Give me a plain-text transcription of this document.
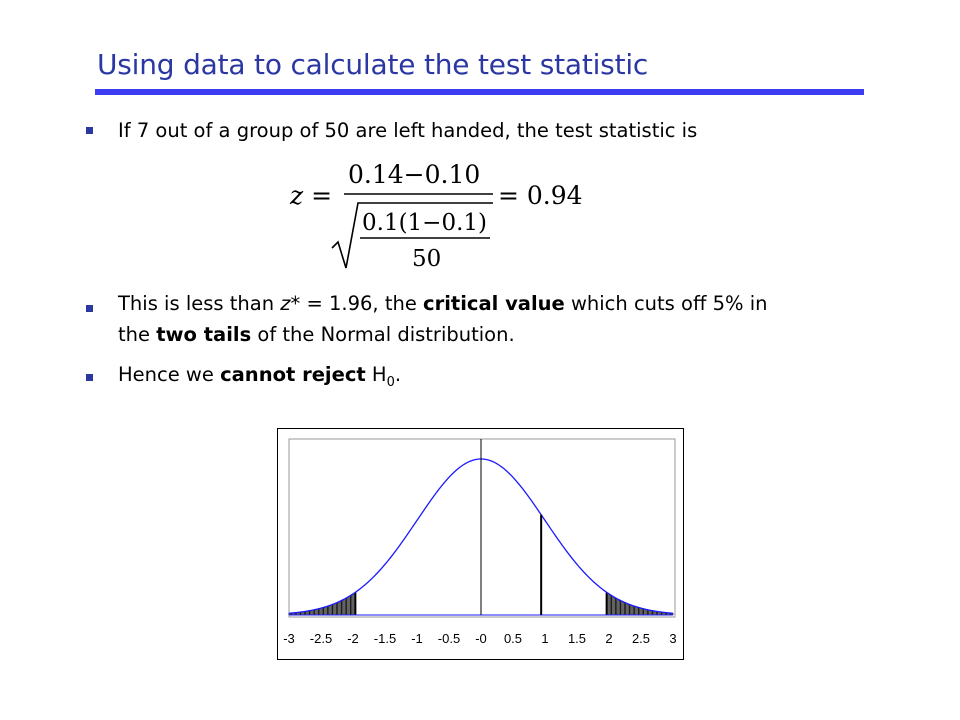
Using data to calculate the test statistic
If 7 out of a group of 50 are left handed, the test statistic is
z =
0.14−0.10
0.1(1−0.1)
50
= 0.94
This is less than z* = 1.96, the critical value which cuts off 5% in
the two tails of the Normal distribution.
Hence we cannot reject $H_0$.
-3 -2.5 -2 -1.5 -1 -0.5 -0 0.5 1 1.5 2 2.5 3
